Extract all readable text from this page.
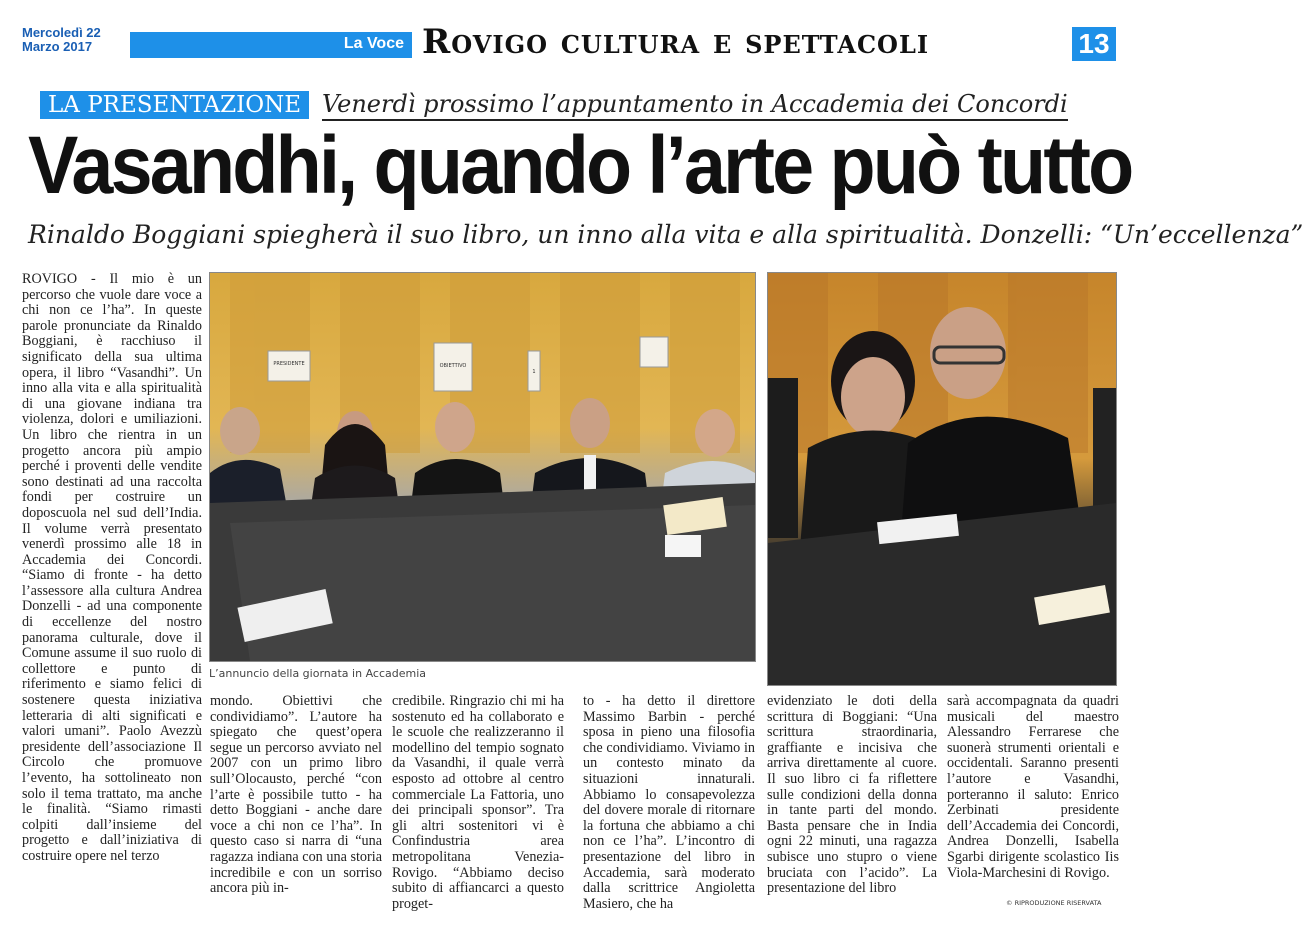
Mercoledì 22
Marzo 2017	La Voce Rovigo cultura e spettacoli	13
LA PRESENTAZIONE Venerdì prossimo l’appuntamento in Accademia dei Concordi
Vasandhi, quando l’arte può tutto
Rinaldo Boggiani spiegherà il suo libro, un inno alla vita e alla spiritualità. Donzelli: “Un’eccellenza”

ROVIGO - Il mio è un percorso che vuole dare voce a chi non ce l’ha”. In queste parole pronunciate da Rinaldo Boggiani, è racchiuso il significato della sua ultima opera, il libro “Vasandhi”. Un inno alla vita e alla spiritualità di una giovane indiana tra violenza, dolori e umiliazioni. Un libro che rientra in un progetto ancora più ampio perché i proventi delle vendite sono destinati ad una raccolta fondi per costruire un doposcuola nel sud dell’India. Il volume verrà presentato venerdì prossimo alle 18 in Accademia dei Concordi. “Siamo di fronte - ha detto l’assessore alla cultura Andrea Donzelli - ad una componente di eccellenze del nostro panorama culturale, dove il Comune assume il suo ruolo di collettore e punto di riferimento e siamo felici di sostenere questa iniziativa letteraria di alti significati e valori umani”. Paolo Avezzù presidente dell’associazione Il Circolo che promuove l’evento, ha sottolineato non solo il tema trattato, ma anche le finalità. “Siamo rimasti colpiti dall’insieme del progetto e dall’iniziativa di costruire opere nel terzo

PRESIDENTE	OBIETTIVO
1
L’annuncio della giornata in Accademia

mondo. Obiettivi che condividiamo”. L’autore ha spiegato che quest’opera segue un percorso avviato nel 2007 con un primo libro sull’Olocausto, perché “con l’arte è possibile tutto - ha detto Boggiani - anche dare voce a chi non ce l’ha”. In questo caso si narra di “una ragazza indiana con una storia incredibile e con un sorriso ancora più in-

credibile. Ringrazio chi mi ha sostenuto ed ha collaborato e le scuole che realizzeranno il modellino del tempio sognato da Vasandhi, il quale verrà esposto ad ottobre al centro commerciale La Fattoria, uno dei principali sponsor”. Tra gli altri sostenitori vi è Confindustria area metropolitana Venezia-Rovigo. “Abbiamo deciso subito di affiancarci a questo proget-

to - ha detto il direttore Massimo Barbin - perché sposa in pieno una filosofia che condividiamo. Viviamo in un contesto minato da situazioni innaturali. Abbiamo lo consapevolezza del dovere morale di ritornare la fortuna che abbiamo a chi non ce l’ha”. L’incontro di presentazione del libro in Accademia, sarà moderato dalla scrittrice Angioletta Masiero, che ha

evidenziato le doti della scrittura di Boggiani: “Una scrittura straordinaria, graffiante e incisiva che arriva direttamente al cuore. Il suo libro ci fa riflettere sulle condizioni della donna in tante parti del mondo. Basta pensare che in India ogni 22 minuti, una ragazza subisce uno stupro o viene bruciata con l’acido”. La presentazione del libro

sarà accompagnata da quadri musicali del maestro Alessandro Ferrarese che suonerà strumenti orientali e occidentali. Saranno presenti l’autore e Vasandhi, porteranno il saluto: Enrico Zerbinati presidente dell’Accademia dei Concordi, Andrea Donzelli, Isabella Sgarbi dirigente scolastico Iis Viola-Marchesini di Rovigo.

© RIPRODUZIONE RISERVATA
